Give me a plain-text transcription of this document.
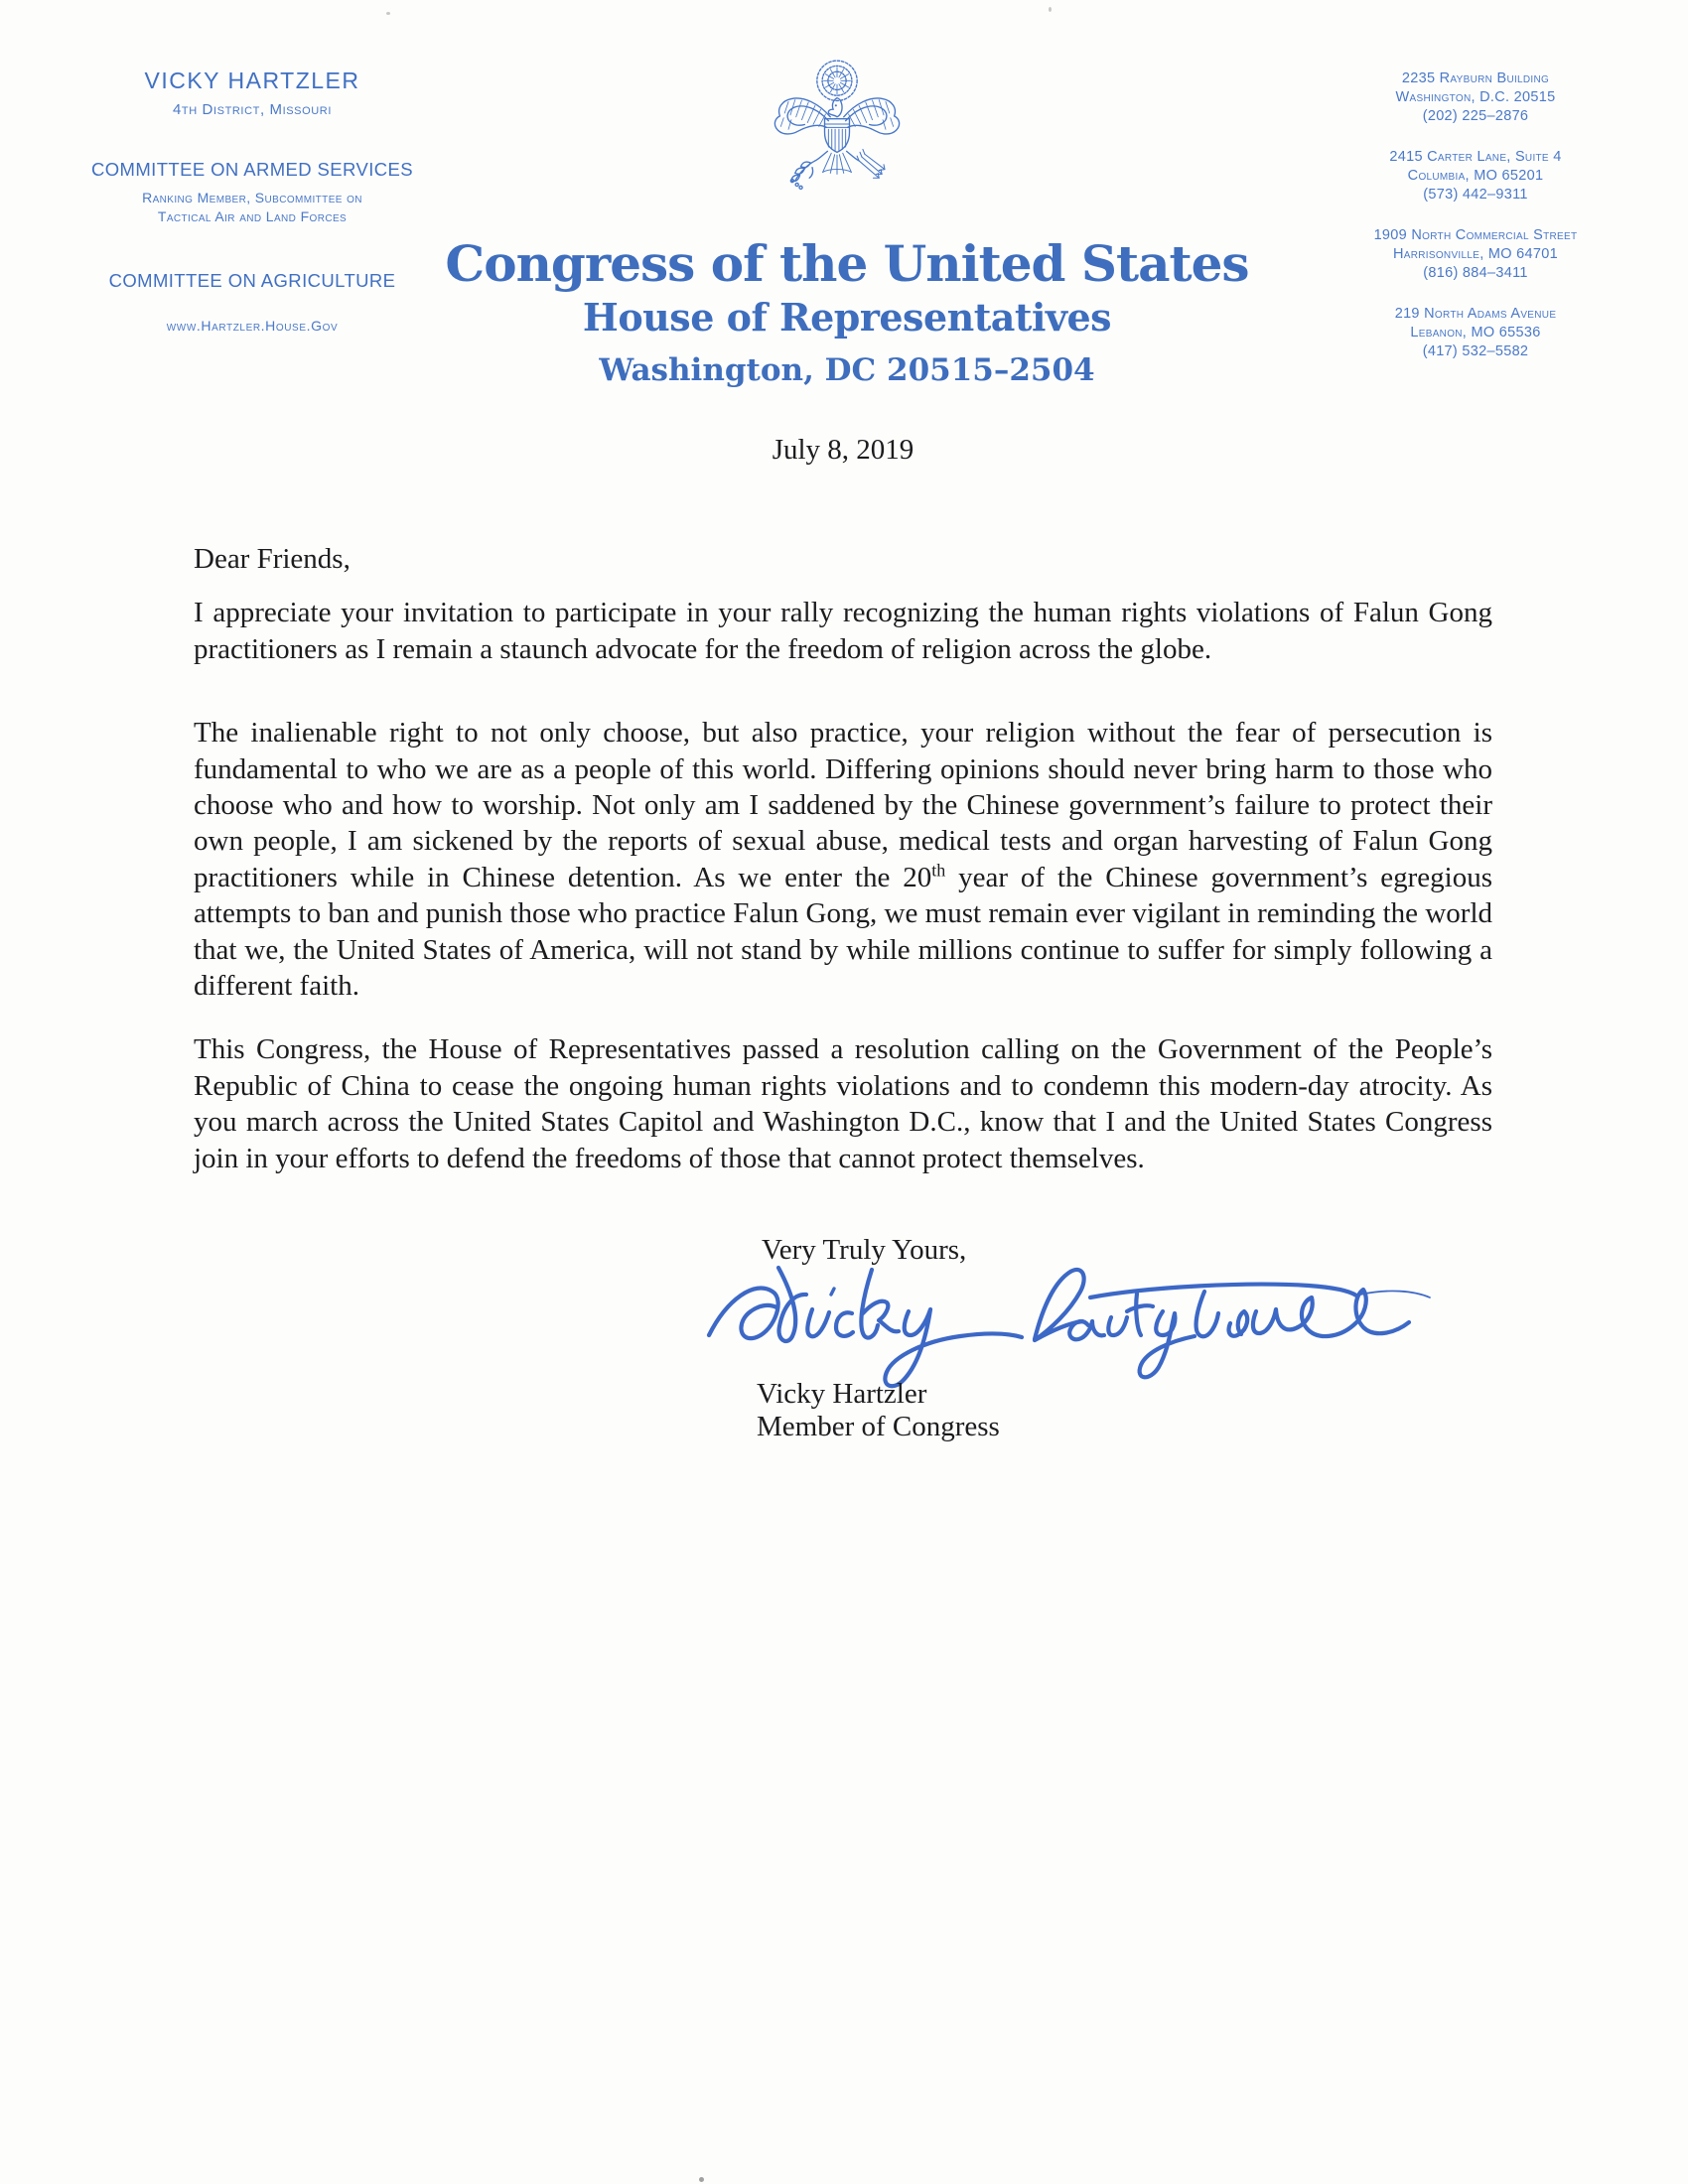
VICKY HARTZLER
4th District, Missouri
COMMITTEE ON ARMED SERVICES
Ranking Member, Subcommittee on
Tactical Air and Land Forces
COMMITTEE ON AGRICULTURE
www.Hartzler.House.Gov
Congress of the United States
House of Representatives
Washington, DC 20515–2504
2235 Rayburn Building
Washington, D.C. 20515
(202) 225–2876
2415 Carter Lane, Suite 4
Columbia, MO 65201
(573) 442–9311
1909 North Commercial Street
Harrisonville, MO 64701
(816) 884–3411
219 North Adams Avenue
Lebanon, MO 65536
(417) 532–5582
July 8, 2019

Dear Friends,

I appreciate your invitation to participate in your rally recognizing the human rights violations of Falun Gong practitioners as I remain a staunch advocate for the freedom of religion across the globe.

The inalienable right to not only choose, but also practice, your religion without the fear of persecution is fundamental to who we are as a people of this world. Differing opinions should never bring harm to those who choose who and how to worship. Not only am I saddened by the Chinese government’s failure to protect their own people, I am sickened by the reports of sexual abuse, medical tests and organ harvesting of Falun Gong practitioners while in Chinese detention. As we enter the 20th year of the Chinese government’s egregious attempts to ban and punish those who practice Falun Gong, we must remain ever vigilant in reminding the world that we, the United States of America, will not stand by while millions continue to suffer for simply following a different faith.

This Congress, the House of Representatives passed a resolution calling on the Government of the People’s Republic of China to cease the ongoing human rights violations and to condemn this modern-day atrocity. As you march across the United States Capitol and Washington D.C., know that I and the United States Congress join in your efforts to defend the freedoms of those that cannot protect themselves.

Very Truly Yours,
Vicky Hartzler
Member of Congress
